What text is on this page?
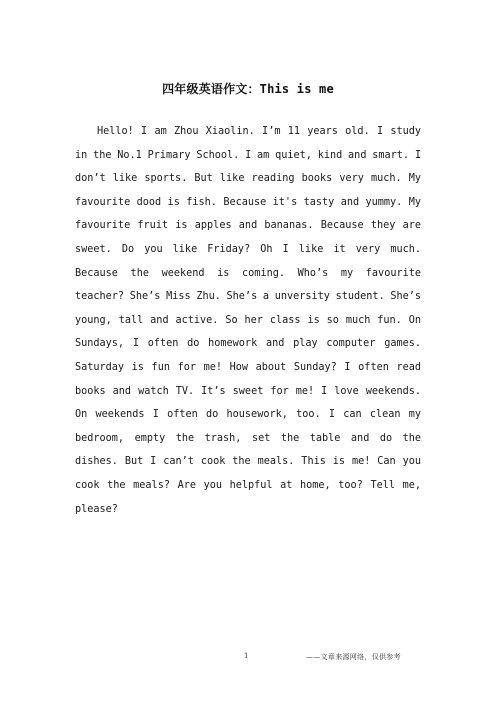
四年级英语作文：This is me

Hello! I am Zhou Xiaolin. I’m 11 years old. I study in the No.1 Primary School. I am quiet, kind and smart. I don’t like sports. But like reading books very much. My favourite dood is fish. Because it's tasty and yummy. My favourite fruit is apples and bananas. Because they are sweet. Do you like Friday? Oh I like it very much. Because the weekend is coming. Who’s my favourite teacher? She’s Miss Zhu. She’s a unversity student. She’s young, tall and active. So her class is so much fun. On Sundays, I often do homework and play computer games. Saturday is fun for me! How about Sunday? I often read books and watch TV. It’s sweet for me! I love weekends. On weekends I often do housework, too. I can clean my bedroom, empty the trash, set the table and do the dishes. But I can’t cook the meals. This is me! Can you cook the meals? Are you helpful at home, too? Tell me, please?

1	——文章来源网络，仅供参考
